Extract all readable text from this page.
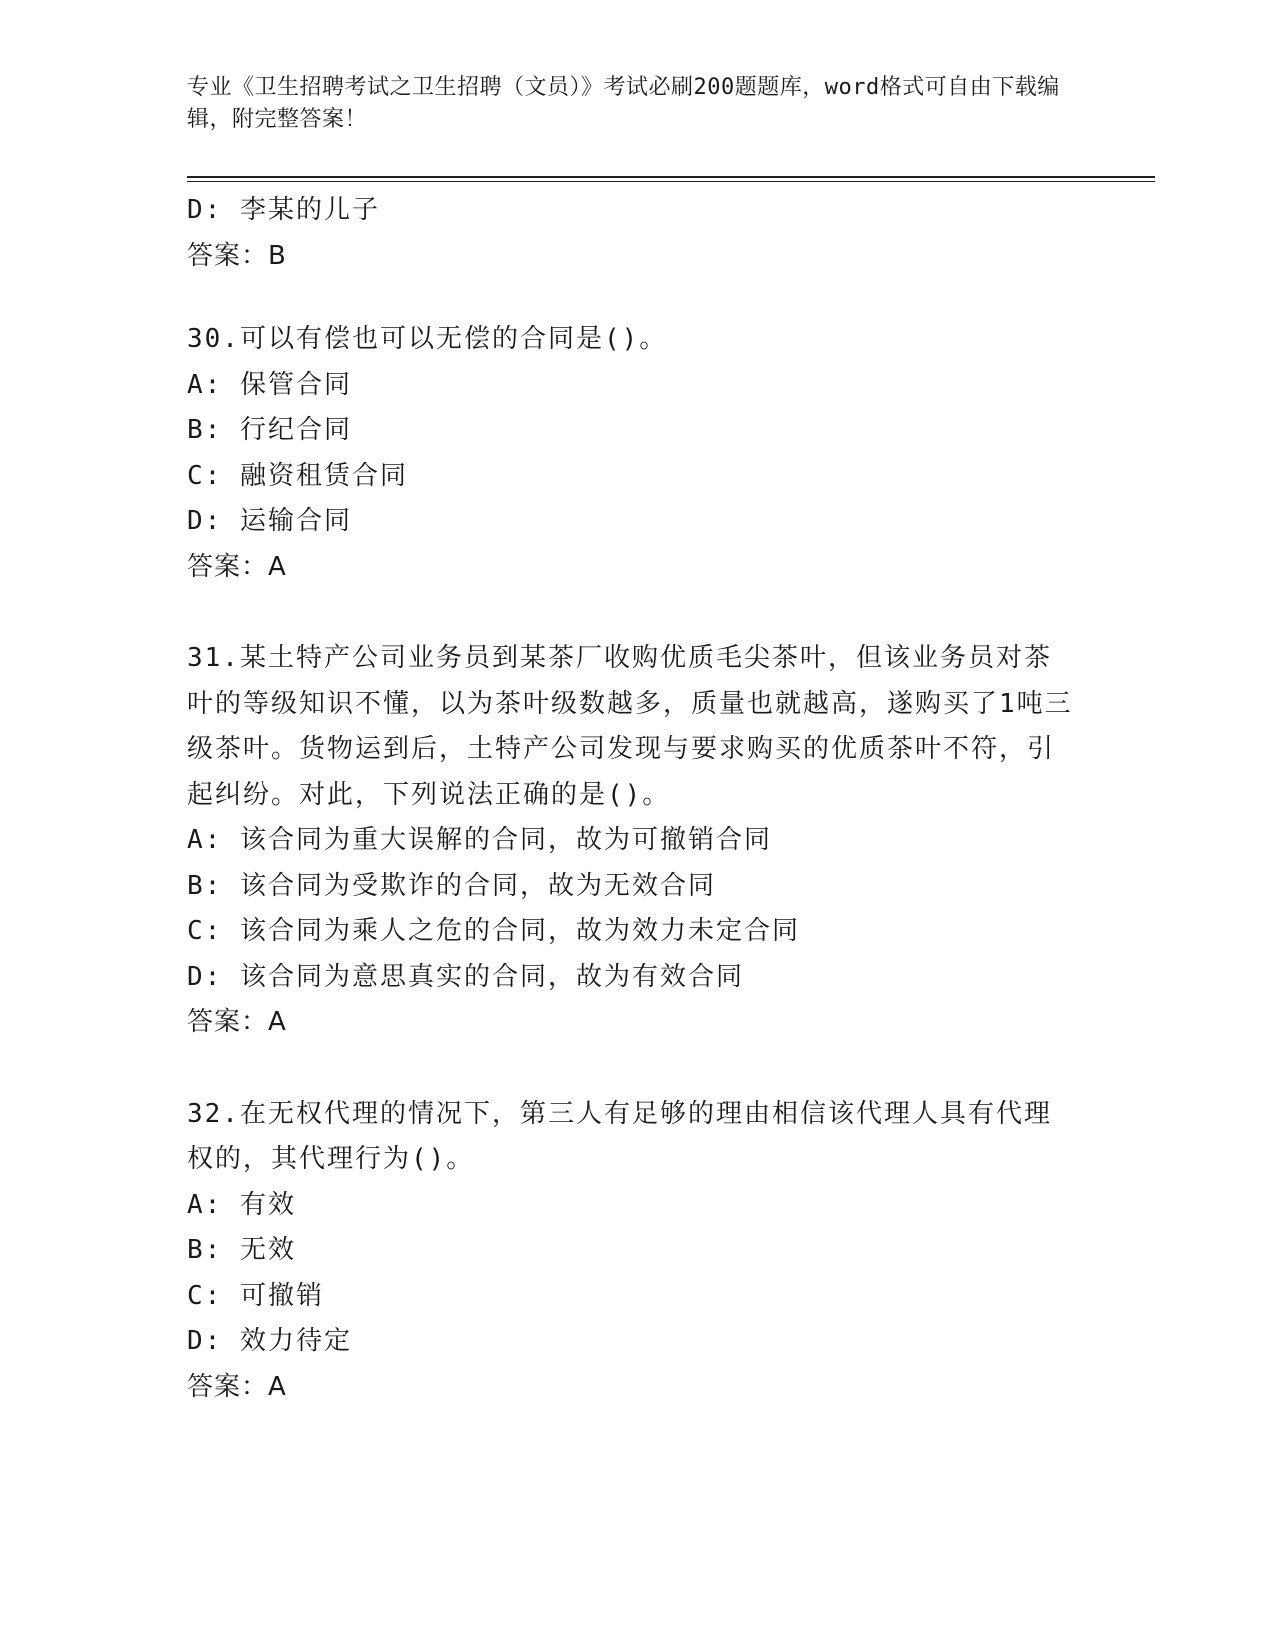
专业《卫生招聘考试之卫生招聘（文员）》考试必刷200题题库，word格式可自由下载编辑，附完整答案！
D: 李某的儿子
答案：B
30.可以有偿也可以无偿的合同是()。
A: 保管合同
B: 行纪合同
C: 融资租赁合同
D: 运输合同
答案：A
31.某土特产公司业务员到某茶厂收购优质毛尖茶叶，但该业务员对茶叶的等级知识不懂，以为茶叶级数越多，质量也就越高，遂购买了1吨三级茶叶。货物运到后，土特产公司发现与要求购买的优质茶叶不符，引起纠纷。对此，下列说法正确的是()。
A: 该合同为重大误解的合同，故为可撤销合同
B: 该合同为受欺诈的合同，故为无效合同
C: 该合同为乘人之危的合同，故为效力未定合同
D: 该合同为意思真实的合同，故为有效合同
答案：A
32.在无权代理的情况下，第三人有足够的理由相信该代理人具有代理权的，其代理行为()。
A: 有效
B: 无效
C: 可撤销
D: 效力待定
答案：A
